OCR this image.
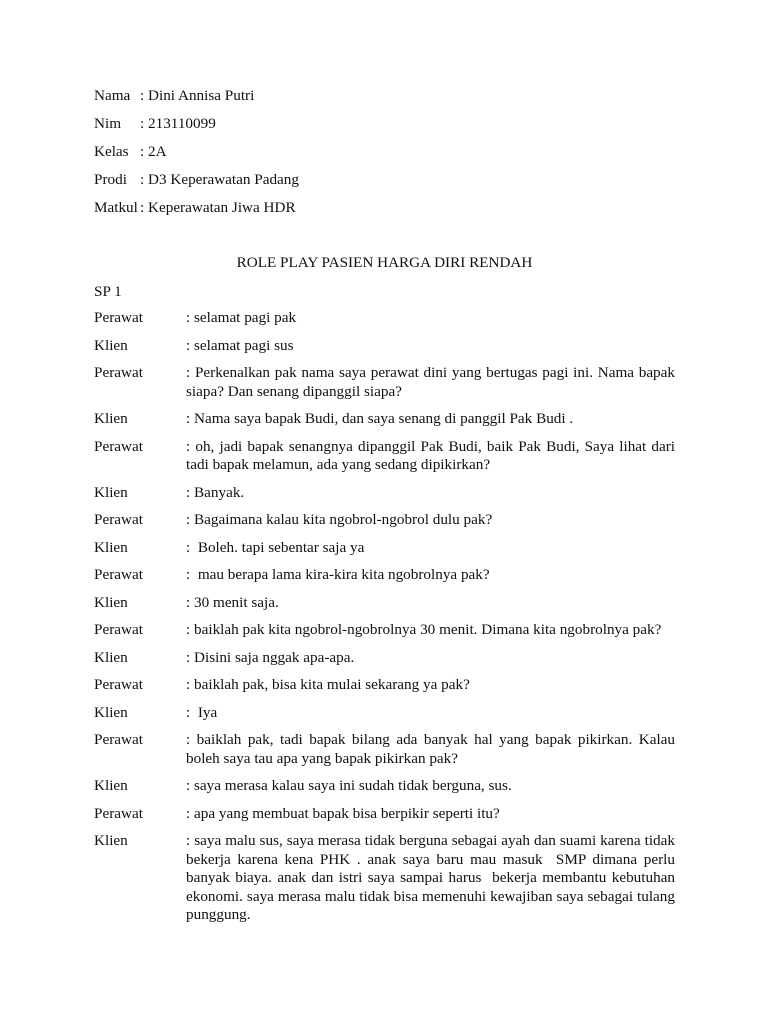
Nama : Dini Annisa Putri
Nim : 213110099
Kelas : 2A
Prodi : D3 Keperawatan Padang
Matkul : Keperawatan Jiwa HDR
ROLE PLAY PASIEN HARGA DIRI RENDAH
SP 1
Perawat	: selamat pagi pak
Klien	: selamat pagi sus
Perawat	: Perkenalkan pak nama saya perawat dini yang bertugas pagi ini. Nama bapak    siapa? Dan senang dipanggil siapa?
Klien	: Nama saya bapak Budi, dan saya senang di panggil Pak Budi .
Perawat	: oh, jadi bapak senangnya dipanggil Pak Budi, baik Pak Budi, Saya lihat dari tadi bapak melamun, ada yang sedang dipikirkan?
Klien	: Banyak.
Perawat	: Bagaimana kalau kita ngobrol-ngobrol dulu pak?
Klien	:  Boleh. tapi sebentar saja ya
Perawat	:  mau berapa lama kira-kira kita ngobrolnya pak?
Klien	: 30 menit saja.
Perawat	: baiklah pak kita ngobrol-ngobrolnya 30 menit. Dimana kita ngobrolnya pak?
Klien	: Disini saja nggak apa-apa.
Perawat	: baiklah pak, bisa kita mulai sekarang ya pak?
Klien	:  Iya
Perawat	: baiklah pak, tadi bapak bilang ada banyak hal yang bapak pikirkan. Kalau boleh saya tau apa yang bapak pikirkan pak?
Klien	: saya merasa kalau saya ini sudah tidak berguna, sus.
Perawat	: apa yang membuat bapak bisa berpikir seperti itu?
Klien	: saya malu sus, saya merasa tidak berguna sebagai ayah dan suami karena tidak bekerja karena kena PHK . anak saya baru mau masuk  SMP dimana perlu banyak biaya. anak dan istri saya sampai harus  bekerja membantu kebutuhan ekonomi. saya merasa malu tidak bisa memenuhi kewajiban saya sebagai tulang punggung.
